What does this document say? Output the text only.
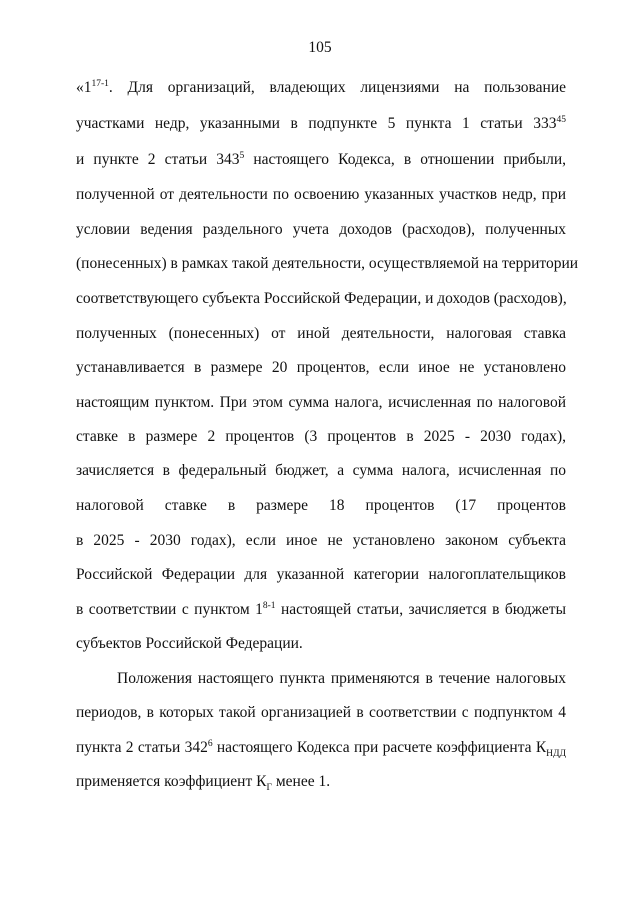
105
«1$^{17-1}$. Для организаций, владеющих лицензиями на пользование
участками недр, указанными в подпункте 5 пункта 1 статьи $333^{45}$
и пункте 2 статьи $343^5$ настоящего Кодекса, в отношении прибыли,
полученной от деятельности по освоению указанных участков недр, при
условии ведения раздельного учета доходов (расходов), полученных
(понесенных) в рамках такой деятельности, осуществляемой на территории
соответствующего субъекта Российской Федерации, и доходов (расходов),
полученных (понесенных) от иной деятельности, налоговая ставка
устанавливается в размере 20 процентов, если иное не установлено
настоящим пунктом. При этом сумма налога, исчисленная по налоговой
ставке в размере 2 процентов (3 процентов в 2025 - 2030 годах),
зачисляется в федеральный бюджет, а сумма налога, исчисленная по
налоговой ставке в размере 18 процентов (17 процентов
в 2025 - 2030 годах), если иное не установлено законом субъекта
Российской Федерации для указанной категории налогоплательщиков
в соответствии с пунктом 1$^{8-1}$ настоящей статьи, зачисляется в бюджеты
субъектов Российской Федерации.
Положения настоящего пункта применяются в течение налоговых
периодов, в которых такой организацией в соответствии с подпунктом 4
пункта 2 статьи $342^6$ настоящего Кодекса при расчете коэффициента $К_{НДД}$
применяется коэффициент $К_Г$ менее 1.
